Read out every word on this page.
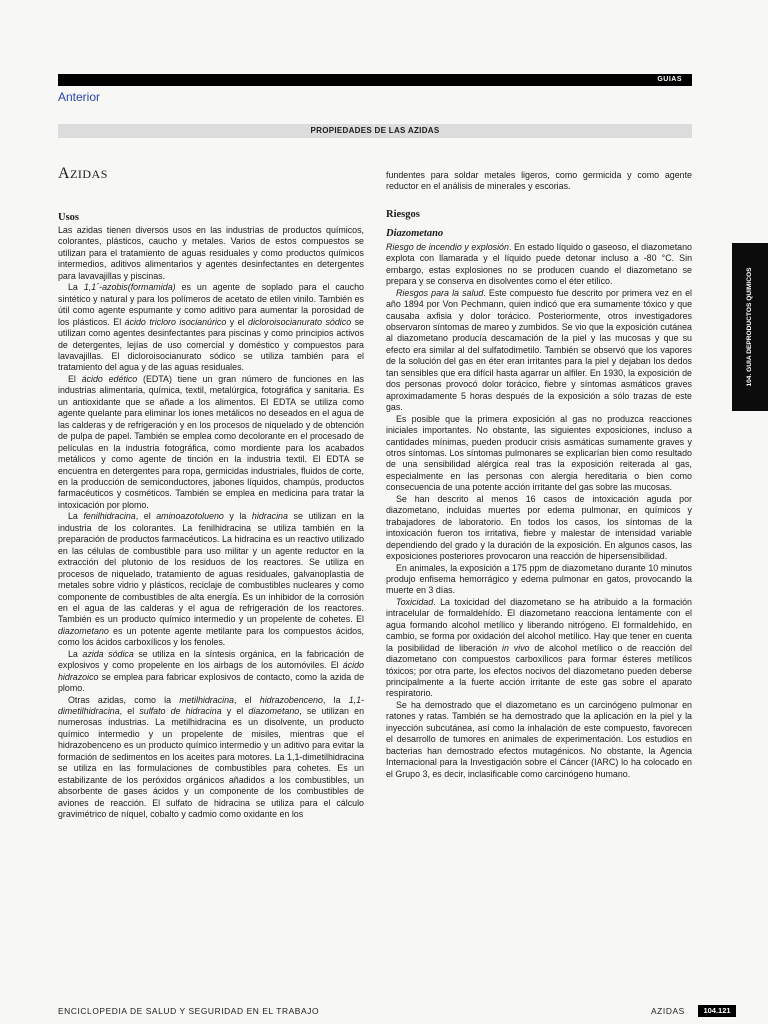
GUIAS
Anterior
PROPIEDADES DE LAS AZIDAS
AZIDAS
Usos

Las azidas tienen diversos usos en las industrias de productos químicos, colorantes, plásticos, caucho y metales. Varios de estos compuestos se utilizan para el tratamiento de aguas residuales y como productos químicos intermedios, aditivos alimentarios y agentes desinfectantes en detergentes para lavavajillas y piscinas.

La 1,1´-azobis(formamida) es un agente de soplado para el caucho sintético y natural y para los polímeros de acetato de etilen vinilo. También es útil como agente espumante y como aditivo para aumentar la porosidad de los plásticos. El ácido tricloro isocianúrico y el dicloroisocianurato sódico se utilizan como agentes desinfectantes para piscinas y como principios activos de detergentes, lejías de uso comercial y doméstico y compuestos para lavavajillas. El dicloroisocianurato sódico se utiliza también para el tratamiento del agua y de las aguas residuales.

El ácido edético (EDTA) tiene un gran número de funciones en las industrias alimentaria, química, textil, metalúrgica, fotográfica y sanitaria. Es un antioxidante que se añade a los alimentos. El EDTA se utiliza como agente quelante para eliminar los iones metálicos no deseados en el agua de las calderas y de refrigeración y en los procesos de niquelado y de obtención de pulpa de papel. También se emplea como decolorante en el procesado de películas en la industria fotográfica, como mordiente para los acabados metálicos y como agente de tinción en la industria textil. El EDTA se encuentra en detergentes para ropa, germicidas industriales, fluidos de corte, en la producción de semiconductores, jabones líquidos, champús, productos farmacéuticos y cosméticos. También se emplea en medicina para tratar la intoxicación por plomo.

La fenilhidracina, el aminoazotolueno y la hidracina se utilizan en la industria de los colorantes. La fenilhidracina se utiliza también en la preparación de productos farmacéuticos. La hidracina es un reactivo utilizado en las células de combustible para uso militar y un agente reductor en la extracción del plutonio de los residuos de los reactores. Se utiliza en procesos de niquelado, tratamiento de aguas residuales, galvanoplastia de metales sobre vidrio y plásticos, reciclaje de combustibles nucleares y como componente de combustibles de alta energía. Es un inhibidor de la corrosión en el agua de las calderas y el agua de refrigeración de los reactores. También es un producto químico intermedio y un propelente de cohetes. El diazometano es un potente agente metilante para los compuestos ácidos, como los ácidos carboxílicos y los fenoles.

La azida sódica se utiliza en la síntesis orgánica, en la fabricación de explosivos y como propelente en los airbags de los automóviles. El ácido hidrazoico se emplea para fabricar explosivos de contacto, como la azida de plomo.

Otras azidas, como la metilhidracina, el hidrazobenceno, la 1,1-dimetilhidracina, el sulfato de hidracina y el diazometano, se utilizan en numerosas industrias. La metilhidracina es un disolvente, un producto químico intermedio y un propelente de misiles, mientras que el hidrazobenceno es un producto químico intermedio y un aditivo para evitar la formación de sedimentos en los aceites para motores. La 1,1-dimetilhidracina se utiliza en las formulaciones de combustibles para cohetes. Es un estabilizante de los peróxidos orgánicos añadidos a los combustibles, un absorbente de gases ácidos y un componente de los combustibles de aviones de reacción. El sulfato de hidracina se utiliza para el cálculo gravimétrico de níquel, cobalto y cadmio como oxidante en los

fundentes para soldar metales ligeros, como germicida y como agente reductor en el análisis de minerales y escorias.

Riesgos
Diazometano

Riesgo de incendio y explosión. En estado líquido o gaseoso, el diazometano explota con llamarada y el líquido puede detonar incluso a -80 °C. Sin embargo, estas explosiones no se producen cuando el diazometano se prepara y se conserva en disolventes como el éter etílico.

Riesgos para la salud. Este compuesto fue descrito por primera vez en el año 1894 por Von Pechmann, quien indicó que era sumamente tóxico y que causaba axfisia y dolor torácico. Posteriormente, otros investigadores observaron síntomas de mareo y zumbidos. Se vio que la exposición cutánea al diazometano producía descamación de la piel y las mucosas y que su efecto era similar al del sulfatodimetilo. También se observó que los vapores de la solución del gas en éter eran irritantes para la piel y dejaban los dedos tan sensibles que era difícil hasta agarrar un alfiler. En 1930, la exposición de dos personas provocó dolor torácico, fiebre y síntomas asmáticos graves aproximadamente 5 horas después de la exposición a sólo trazas de este gas.

Es posible que la primera exposición al gas no produzca reacciones iniciales importantes. No obstante, las siguientes exposiciones, incluso a cantidades mínimas, pueden producir crisis asmáticas sumamente graves y otros síntomas. Los síntomas pulmonares se explicarían bien como resultado de una sensibilidad alérgica real tras la exposición reiterada al gas, especialmente en las personas con alergia hereditaria o bien como consecuencia de una potente acción irritante del gas sobre las mucosas.

Se han descrito al menos 16 casos de intoxicación aguda por diazometano, incluidas muertes por edema pulmonar, en químicos y trabajadores de laboratorio. En todos los casos, los síntomas de la intoxicación fueron tos irritativa, fiebre y malestar de intensidad variable dependiendo del grado y la duración de la exposición. En algunos casos, las exposiciones posteriores provocaron una reacción de hipersensibilidad.

En animales, la exposición a 175 ppm de diazometano durante 10 minutos produjo enfisema hemorrágico y edema pulmonar en gatos, provocando la muerte en 3 días.

Toxicidad. La toxicidad del diazometano se ha atribuido a la formación intracelular de formaldehído. El diazometano reacciona lentamente con el agua formando alcohol metílico y liberando nitrógeno. El formaldehído, en cambio, se forma por oxidación del alcohol metílico. Hay que tener en cuenta la posibilidad de liberación in vivo de alcohol metílico o de reacción del diazometano con compuestos carboxílicos para formar ésteres metílicos tóxicos; por otra parte, los efectos nocivos del diazometano pueden deberse principalmente a la fuerte acción irritante de este gas sobre el aparato respiratorio.

Se ha demostrado que el diazometano es un carcinógeno pulmonar en ratones y ratas. También se ha demostrado que la aplicación en la piel y la inyección subcutánea, así como la inhalación de este compuesto, favorecen el desarrollo de tumores en animales de experimentación. Los estudios en bacterias han demostrado efectos mutagénicos. No obstante, la Agencia Internacional para la Investigación sobre el Cáncer (IARC) lo ha colocado en el Grupo 3, es decir, inclasificable como carcinógeno humano.

104. GUIA DEPRODUCTOS QUIMICOS
ENCICLOPEDIA DE SALUD Y SEGURIDAD EN EL TRABAJO	AZIDAS	104.121
